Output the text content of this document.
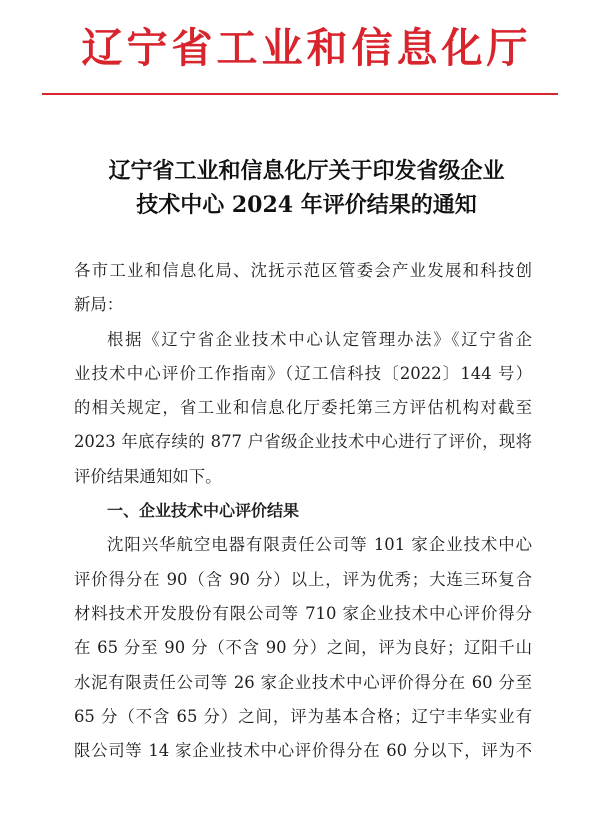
辽宁省工业和信息化厅
辽宁省工业和信息化厅关于印发省级企业
技术中心 2024 年评价结果的通知
各市工业和信息化局、沈抚示范区管委会产业发展和科技创
新局：
根据《辽宁省企业技术中心认定管理办法》《辽宁省企
业技术中心评价工作指南》（辽工信科技〔2022〕144 号）
的相关规定，省工业和信息化厅委托第三方评估机构对截至
2023 年底存续的 877 户省级企业技术中心进行了评价，现将
评价结果通知如下。
一、企业技术中心评价结果
沈阳兴华航空电器有限责任公司等 101 家企业技术中心
评价得分在 90（含 90 分）以上，评为优秀；大连三环复合
材料技术开发股份有限公司等 710 家企业技术中心评价得分
在 65 分至 90 分（不含 90 分）之间，评为良好；辽阳千山
水泥有限责任公司等 26 家企业技术中心评价得分在 60 分至
65 分（不含 65 分）之间，评为基本合格；辽宁丰华实业有
限公司等 14 家企业技术中心评价得分在 60 分以下，评为不
